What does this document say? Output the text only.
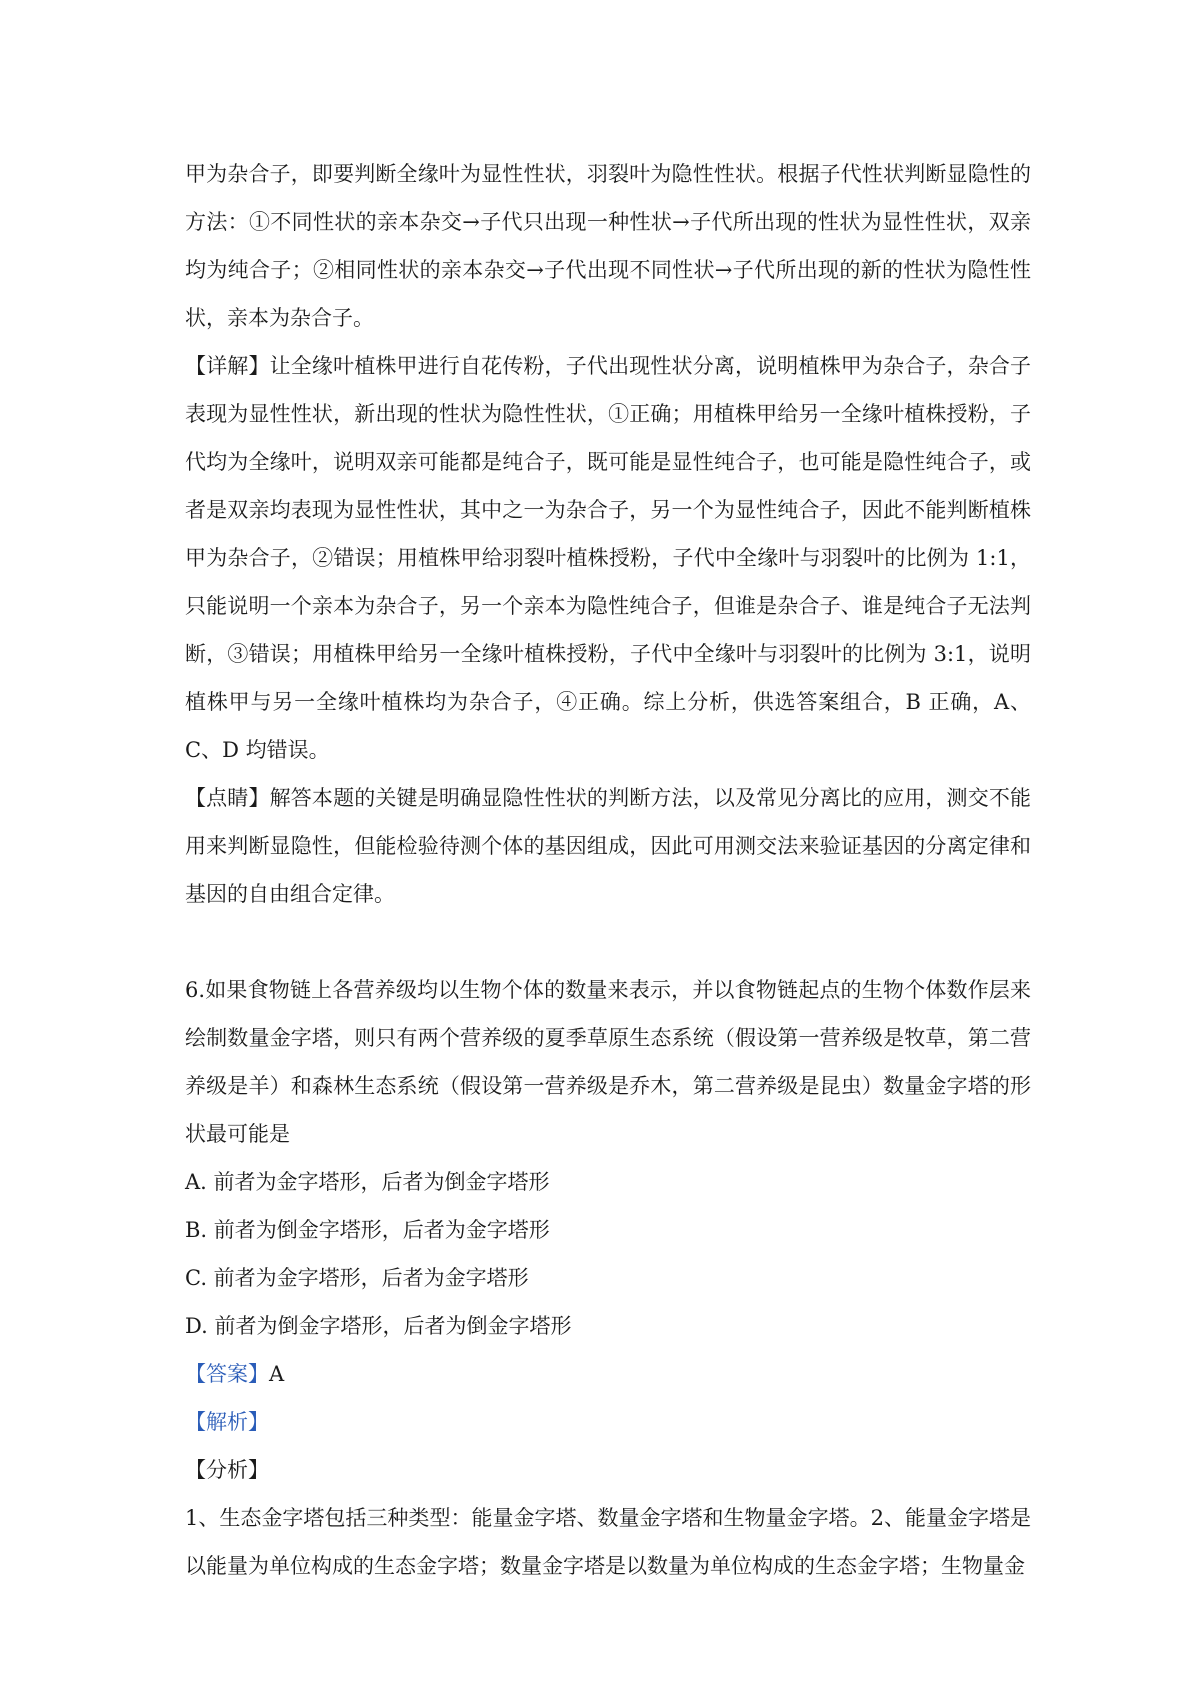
甲为杂合子，即要判断全缘叶为显性性状，羽裂叶为隐性性状。根据子代性状判断显隐性的方法：①不同性状的亲本杂交→子代只出现一种性状→子代所出现的性状为显性性状，双亲均为纯合子；②相同性状的亲本杂交→子代出现不同性状→子代所出现的新的性状为隐性性状，亲本为杂合子。

【详解】让全缘叶植株甲进行自花传粉，子代出现性状分离，说明植株甲为杂合子，杂合子表现为显性性状，新出现的性状为隐性性状，①正确；用植株甲给另一全缘叶植株授粉，子代均为全缘叶，说明双亲可能都是纯合子，既可能是显性纯合子，也可能是隐性纯合子，或者是双亲均表现为显性性状，其中之一为杂合子，另一个为显性纯合子，因此不能判断植株甲为杂合子，②错误；用植株甲给羽裂叶植株授粉，子代中全缘叶与羽裂叶的比例为 1:1，只能说明一个亲本为杂合子，另一个亲本为隐性纯合子，但谁是杂合子、谁是纯合子无法判断，③错误；用植株甲给另一全缘叶植株授粉，子代中全缘叶与羽裂叶的比例为 3:1，说明植株甲与另一全缘叶植株均为杂合子，④正确。综上分析，供选答案组合，B 正确，A、C、D 均错误。

【点睛】解答本题的关键是明确显隐性性状的判断方法，以及常见分离比的应用，测交不能用来判断显隐性，但能检验待测个体的基因组成，因此可用测交法来验证基因的分离定律和基因的自由组合定律。

6.如果食物链上各营养级均以生物个体的数量来表示，并以食物链起点的生物个体数作层来绘制数量金字塔，则只有两个营养级的夏季草原生态系统（假设第一营养级是牧草，第二营养级是羊）和森林生态系统（假设第一营养级是乔木，第二营养级是昆虫）数量金字塔的形状最可能是

A. 前者为金字塔形，后者为倒金字塔形

B. 前者为倒金字塔形，后者为金字塔形

C. 前者为金字塔形，后者为金字塔形

D. 前者为倒金字塔形，后者为倒金字塔形

【答案】A

【解析】

【分析】

1、生态金字塔包括三种类型：能量金字塔、数量金字塔和生物量金字塔。2、能量金字塔是以能量为单位构成的生态金字塔；数量金字塔是以数量为单位构成的生态金字塔；生物量金
